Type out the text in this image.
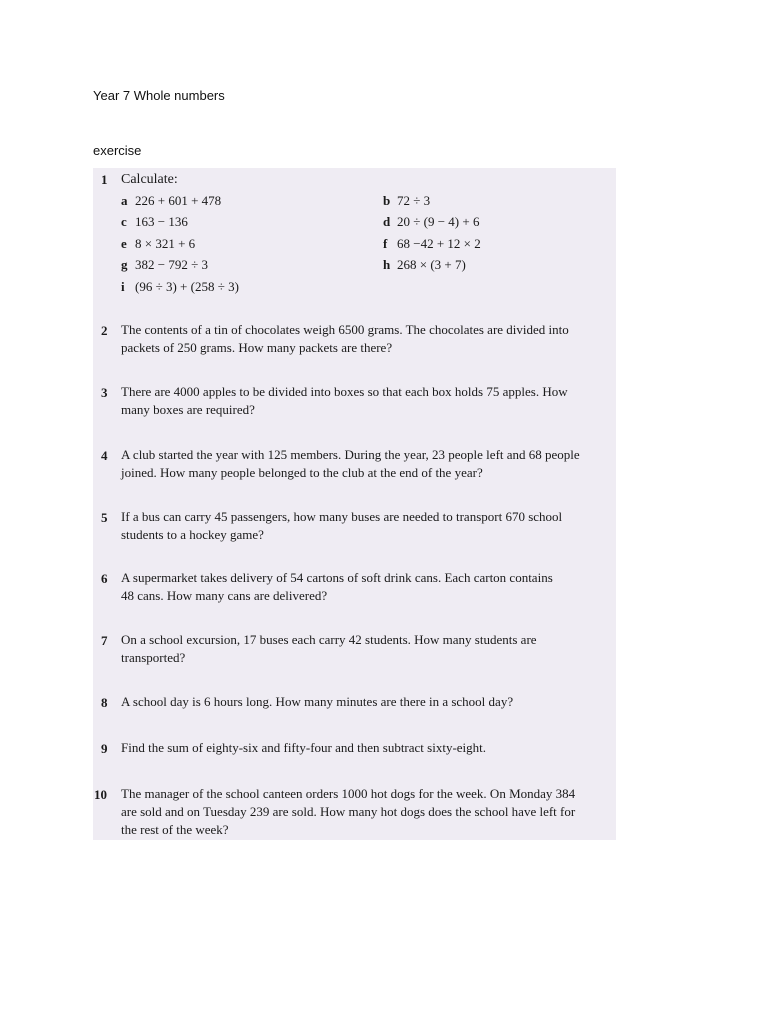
Year 7 Whole numbers
exercise
1 Calculate:
a 226 + 601 + 478	b 72 ÷ 3
c 163 − 136	d 20 ÷ (9 − 4) + 6
e 8 × 321 + 6	f 68 −42 + 12 × 2
g 382 − 792 ÷ 3	h 268 × (3 + 7)
i (96 ÷ 3) + (258 ÷ 3)
2 The contents of a tin of chocolates weigh 6500 grams. The chocolates are divided into
packets of 250 grams. How many packets are there?
3 There are 4000 apples to be divided into boxes so that each box holds 75 apples. How
many boxes are required?
4 A club started the year with 125 members. During the year, 23 people left and 68 people
joined. How many people belonged to the club at the end of the year?
5 If a bus can carry 45 passengers, how many buses are needed to transport 670 school
students to a hockey game?
6 A supermarket takes delivery of 54 cartons of soft drink cans. Each carton contains
48 cans. How many cans are delivered?
7 On a school excursion, 17 buses each carry 42 students. How many students are
transported?
8 A school day is 6 hours long. How many minutes are there in a school day?
9 Find the sum of eighty-six and fifty-four and then subtract sixty-eight.
10 The manager of the school canteen orders 1000 hot dogs for the week. On Monday 384
are sold and on Tuesday 239 are sold. How many hot dogs does the school have left for
the rest of the week?
